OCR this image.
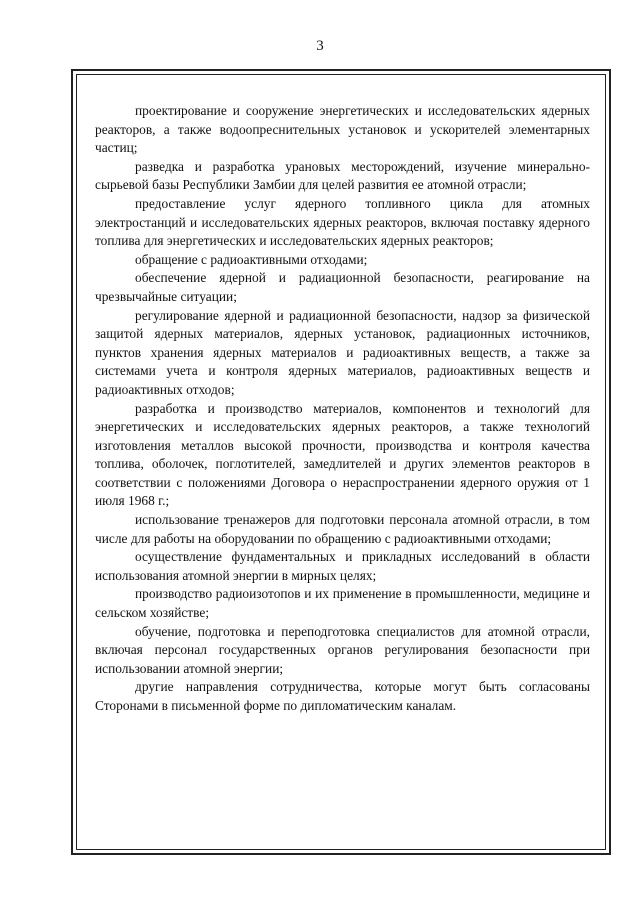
3

проектирование и сооружение энергетических и исследовательских ядерных реакторов, а также водоопреснительных установок и ускорителей элементарных частиц;

разведка и разработка урановых месторождений, изучение минерально-сырьевой базы Республики Замбии для целей развития ее атомной отрасли;

предоставление услуг ядерного топливного цикла для атомных электростанций и исследовательских ядерных реакторов, включая поставку ядерного топлива для энергетических и исследовательских ядерных реакторов;

обращение с радиоактивными отходами;

обеспечение ядерной и радиационной безопасности, реагирование на чрезвычайные ситуации;

регулирование ядерной и радиационной безопасности, надзор за физической защитой ядерных материалов, ядерных установок, радиационных источников, пунктов хранения ядерных материалов и радиоактивных веществ, а также за системами учета и контроля ядерных материалов, радиоактивных веществ и радиоактивных отходов;

разработка и производство материалов, компонентов и технологий для энергетических и исследовательских ядерных реакторов, а также технологий изготовления металлов высокой прочности, производства и контроля качества топлива, оболочек, поглотителей, замедлителей и других элементов реакторов в соответствии с положениями Договора о нераспространении ядерного оружия от 1 июля 1968 г.;

использование тренажеров для подготовки персонала атомной отрасли, в том числе для работы на оборудовании по обращению с радиоактивными отходами;

осуществление фундаментальных и прикладных исследований в области использования атомной энергии в мирных целях;

производство радиоизотопов и их применение в промышленности, медицине и сельском хозяйстве;

обучение, подготовка и переподготовка специалистов для атомной отрасли, включая персонал государственных органов регулирования безопасности при использовании атомной энергии;

другие направления сотрудничества, которые могут быть согласованы Сторонами в письменной форме по дипломатическим каналам.
